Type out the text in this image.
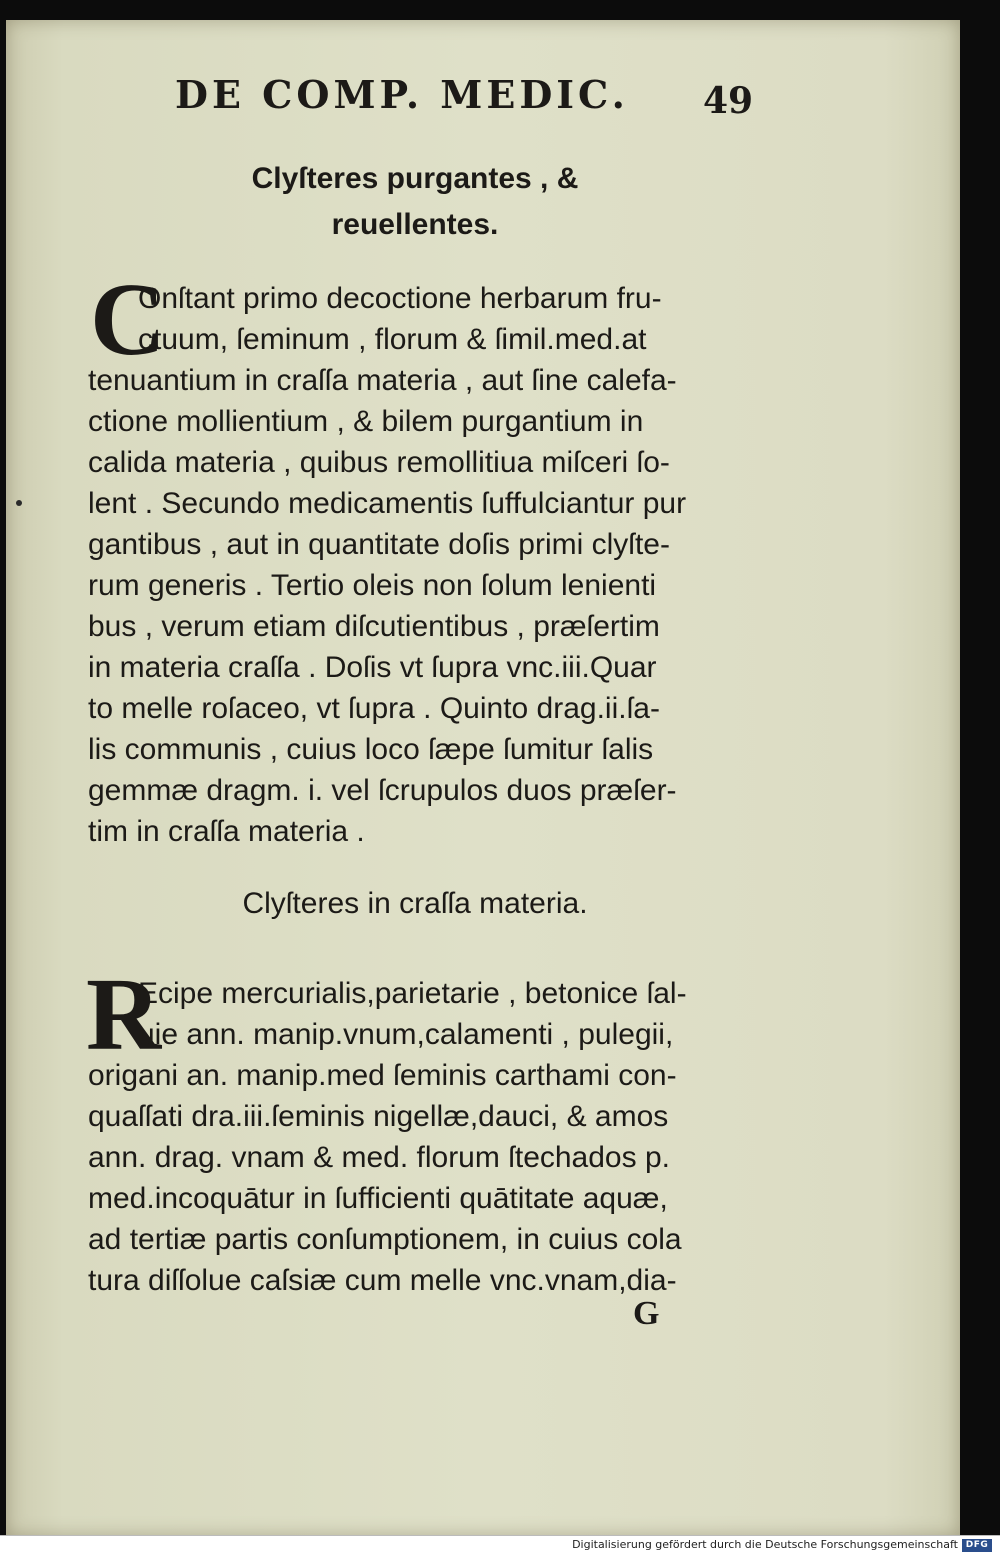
DE COMP. MEDIC. 49
Clyſteres purgantes , &
reuellentes.
C
Onſtant primo decoctione herbarum fru-
ctuum, ſeminum , florum & ſimil.med.at
tenuantium in craſſa materia , aut ſine calefa-
ctione mollientium , & bilem purgantium in
calida materia , quibus remollitiua miſceri ſo-
lent . Secundo medicamentis ſuffulciantur pur
gantibus , aut in quantitate doſis primi clyſte-
rum generis . Tertio oleis non ſolum lenienti
bus , verum etiam diſcutientibus , præſertim
in materia craſſa . Doſis vt ſupra vnc.iii.Quar
to melle roſaceo, vt ſupra . Quinto drag.ii.ſa-
lis communis , cuius loco ſæpe ſumitur ſalis
gemmæ dragm. i. vel ſcrupulos duos præſer-
tim in craſſa materia .
Clyſteres in craſſa materia.
R
Ecipe mercurialis,parietarie , betonice ſal-
uie ann. manip.vnum,calamenti , pulegii,
origani an. manip.med ſeminis carthami con-
quaſſati dra.iii.ſeminis nigellæ,dauci, & amos
ann. drag. vnam & med. florum ſtechados p.
med.incoquātur in ſufficienti quātitate aquæ,
ad tertiæ partis conſumptionem, in cuius cola
tura diſſolue caſsiæ cum melle vnc.vnam,dia-
G
Digitalisierung gefördert durch die Deutsche Forschungsgemeinschaft DFG
